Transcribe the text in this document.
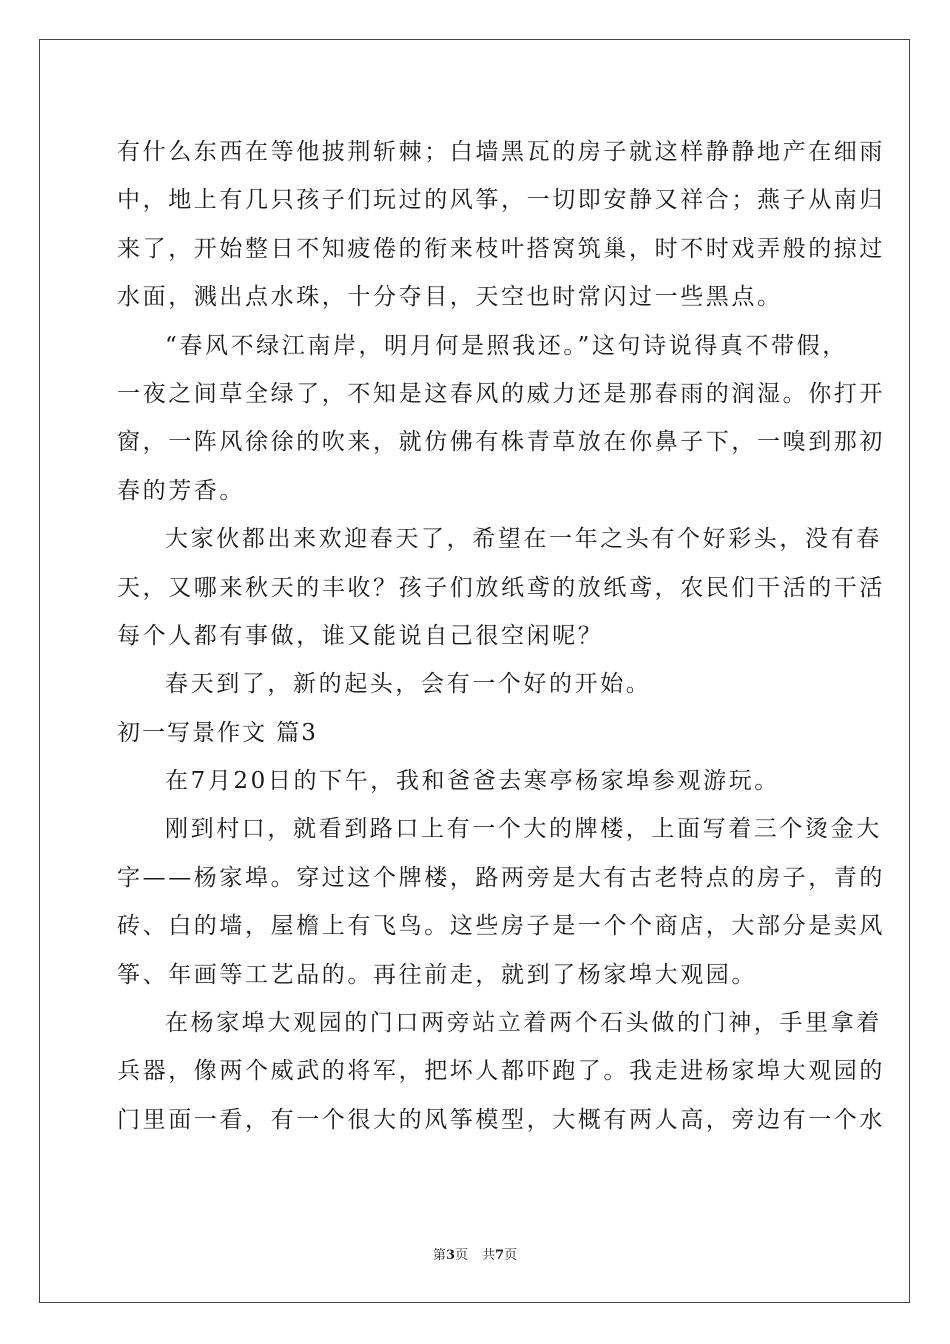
有什么东西在等他披荆斩棘；白墙黑瓦的房子就这样静静地产在细雨
中，地上有几只孩子们玩过的风筝，一切即安静又祥合；燕子从南归
来了，开始整日不知疲倦的衔来枝叶搭窝筑巢，时不时戏弄般的掠过
水面，溅出点水珠，十分夺目，天空也时常闪过一些黑点。
“春风不绿江南岸，明月何是照我还。”这句诗说得真不带假，
一夜之间草全绿了，不知是这春风的威力还是那春雨的润湿。你打开
窗，一阵风徐徐的吹来，就仿佛有株青草放在你鼻子下，一嗅到那初
春的芳香。
大家伙都出来欢迎春天了，希望在一年之头有个好彩头，没有春
天，又哪来秋天的丰收？孩子们放纸鸢的放纸鸢，农民们干活的干活
每个人都有事做，谁又能说自己很空闲呢？
春天到了，新的起头，会有一个好的开始。
初一写景作文 篇3
在7月20日的下午，我和爸爸去寒亭杨家埠参观游玩。
刚到村口，就看到路口上有一个大的牌楼，上面写着三个烫金大
字——杨家埠。穿过这个牌楼，路两旁是大有古老特点的房子，青的
砖、白的墙，屋檐上有飞鸟。这些房子是一个个商店，大部分是卖风
筝、年画等工艺品的。再往前走，就到了杨家埠大观园。
在杨家埠大观园的门口两旁站立着两个石头做的门神，手里拿着
兵器，像两个威武的将军，把坏人都吓跑了。我走进杨家埠大观园的
门里面一看，有一个很大的风筝模型，大概有两人高，旁边有一个水
第3页 共7页
